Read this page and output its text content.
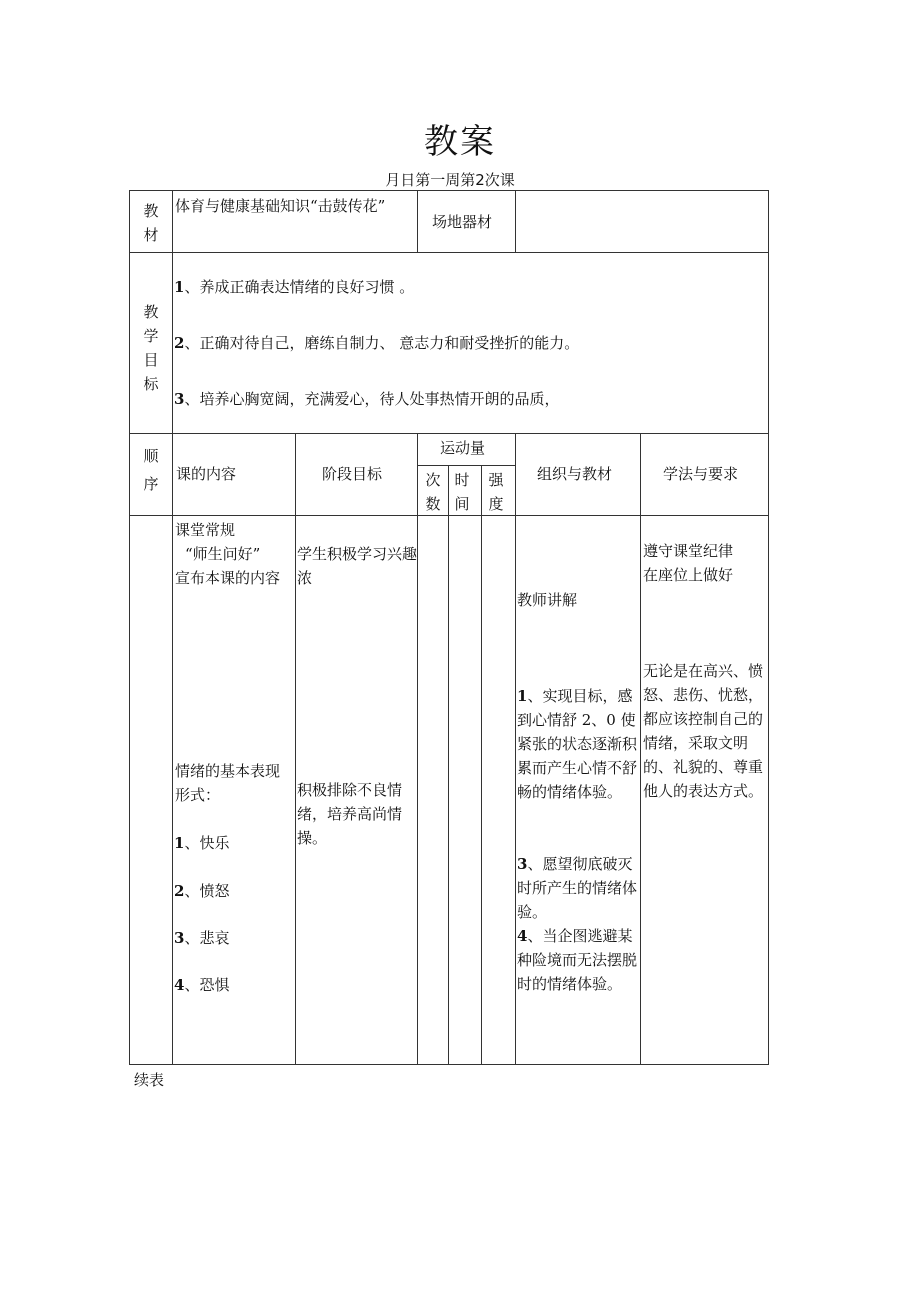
教案
月日第一周第2次课
教材
体育与健康基础知识“击鼓传花”
场地器材
教学目标
1、养成正确表达情绪的良好习惯 。
2、正确对待自己，磨练自制力、 意志力和耐受挫折的能力。
3、培养心胸宽阔，充满爱心，待人处事热情开朗的品质，
顺序
课的内容	阶段目标
运动量
次数
时间
强度
组织与教材	学法与要求
课堂常规
“师生问好”
宣布本课的内容
情绪的基本表现形式：
1、快乐
2、愤怒
3、悲哀
4、恐惧
学生积极学习兴趣浓
积极排除不良情绪，培养高尚情操。
教师讲解
1、实现目标，感到心情舒 2、0 使紧张的状态逐渐积累而产生心情不舒畅的情绪体验。
3、愿望彻底破灭时所产生的情绪体验。
4、当企图逃避某种险境而无法摆脱时的情绪体验。
遵守课堂纪律
在座位上做好
无论是在高兴、愤怒、悲伤、忧愁，都应该控制自己的情绪，采取文明的、礼貌的、尊重他人的表达方式。
续表
